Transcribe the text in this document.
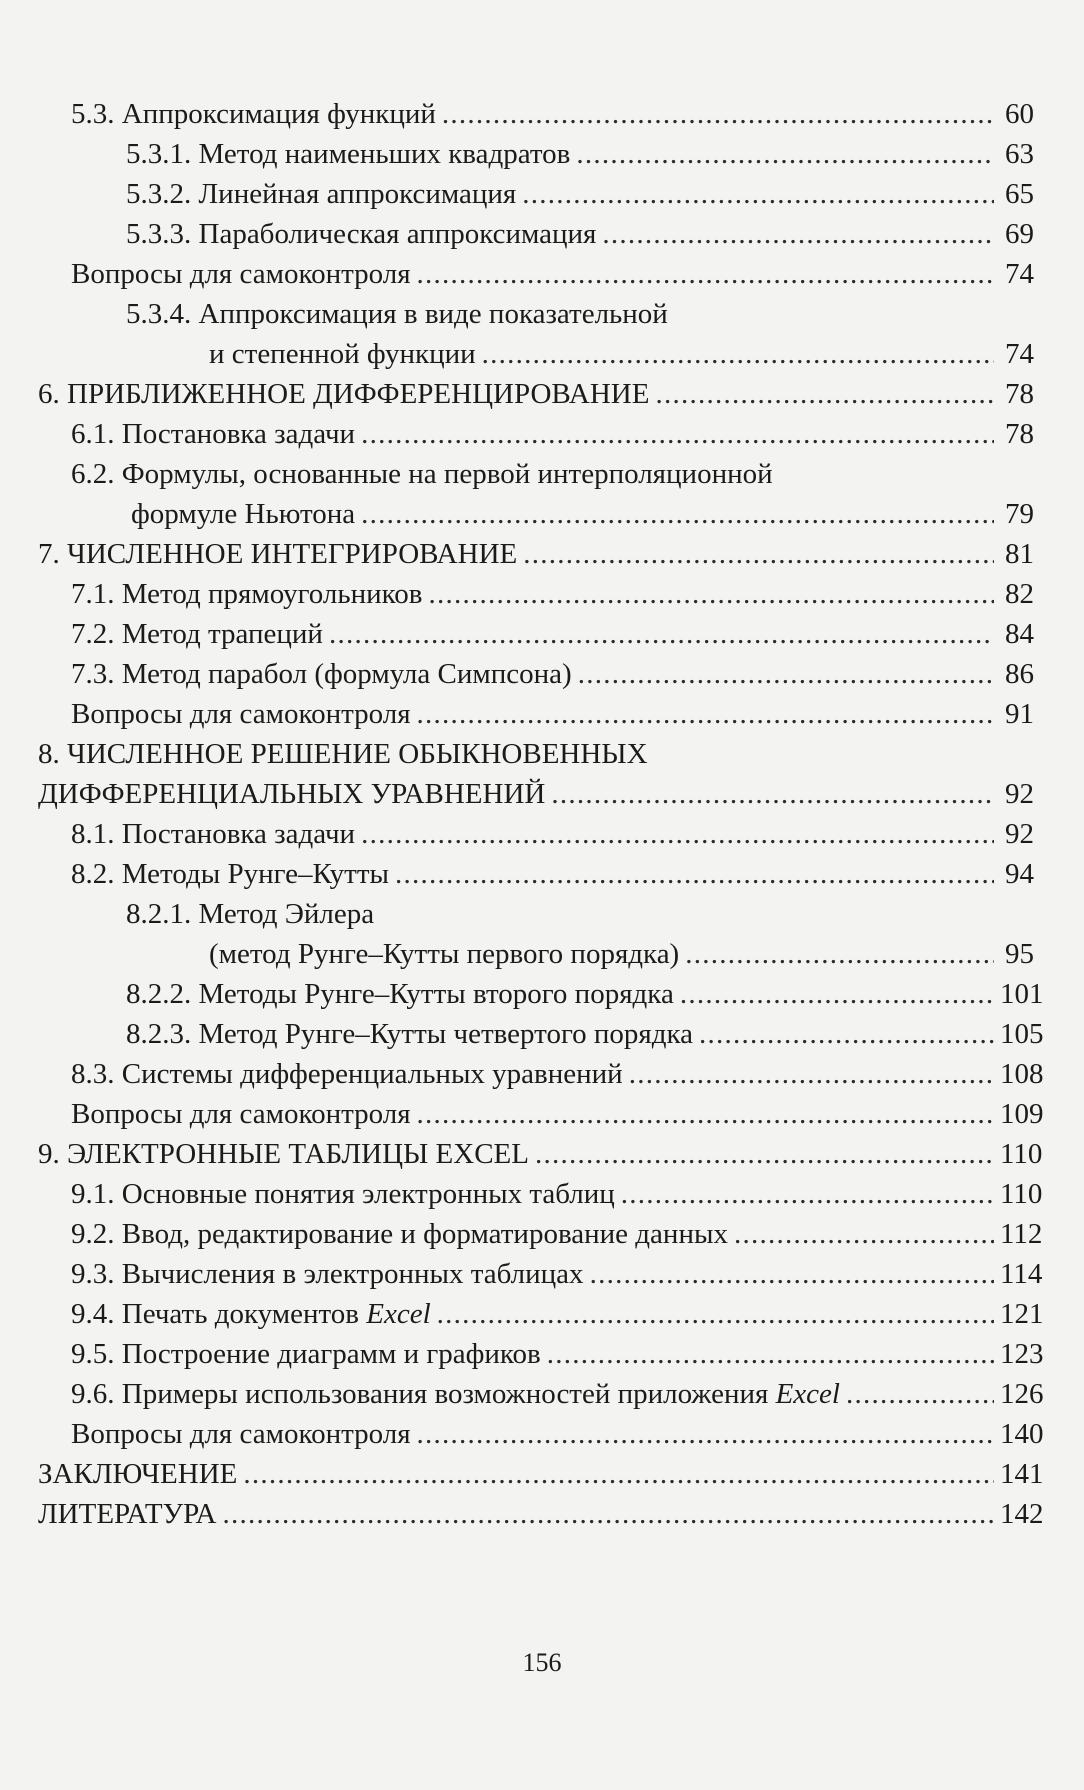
5.3. Аппроксимация функций . . .	60
5.3.1. Метод наименьших квадратов . . .	63
5.3.2. Линейная аппроксимация . . .	65
5.3.3. Параболическая аппроксимация . . .	69
Вопросы для самоконтроля . . .	74
5.3.4. Аппроксимация в виде показательной
и степенной функции . . .	74
6. ПРИБЛИЖЕННОЕ ДИФФЕРЕНЦИРОВАНИЕ . . .	78
6.1. Постановка задачи . . .	78
6.2. Формулы, основанные на первой интерполяционной
формуле Ньютона . . .	79
7. ЧИСЛЕННОЕ ИНТЕГРИРОВАНИЕ . . .	81
7.1. Метод прямоугольников . . .	82
7.2. Метод трапеций . . .	84
7.3. Метод парабол (формула Симпсона) . . .	86
Вопросы для самоконтроля . . .	91
8. ЧИСЛЕННОЕ РЕШЕНИЕ ОБЫКНОВЕННЫХ
ДИФФЕРЕНЦИАЛЬНЫХ УРАВНЕНИЙ . . .	92
8.1. Постановка задачи . . .	92
8.2. Методы Рунге–Кутты . . .	94
8.2.1. Метод Эйлера
(метод Рунге–Кутты первого порядка) . . .	95
8.2.2. Методы Рунге–Кутты второго порядка . . .	101
8.2.3. Метод Рунге–Кутты четвертого порядка . . .	105
8.3. Системы дифференциальных уравнений . . .	108
Вопросы для самоконтроля . . .	109
9. ЭЛЕКТРОННЫЕ ТАБЛИЦЫ EXCEL . . .	110
9.1. Основные понятия электронных таблиц . . .	110
9.2. Ввод, редактирование и форматирование данных . . .	112
9.3. Вычисления в электронных таблицах . . .	114
9.4. Печать документов Excel . . .	121
9.5. Построение диаграмм и графиков . . .	123
9.6. Примеры использования возможностей приложения Excel . . .	126
Вопросы для самоконтроля . . .	140
ЗАКЛЮЧЕНИЕ . . .	141
ЛИТЕРАТУРА . . .	142
156
